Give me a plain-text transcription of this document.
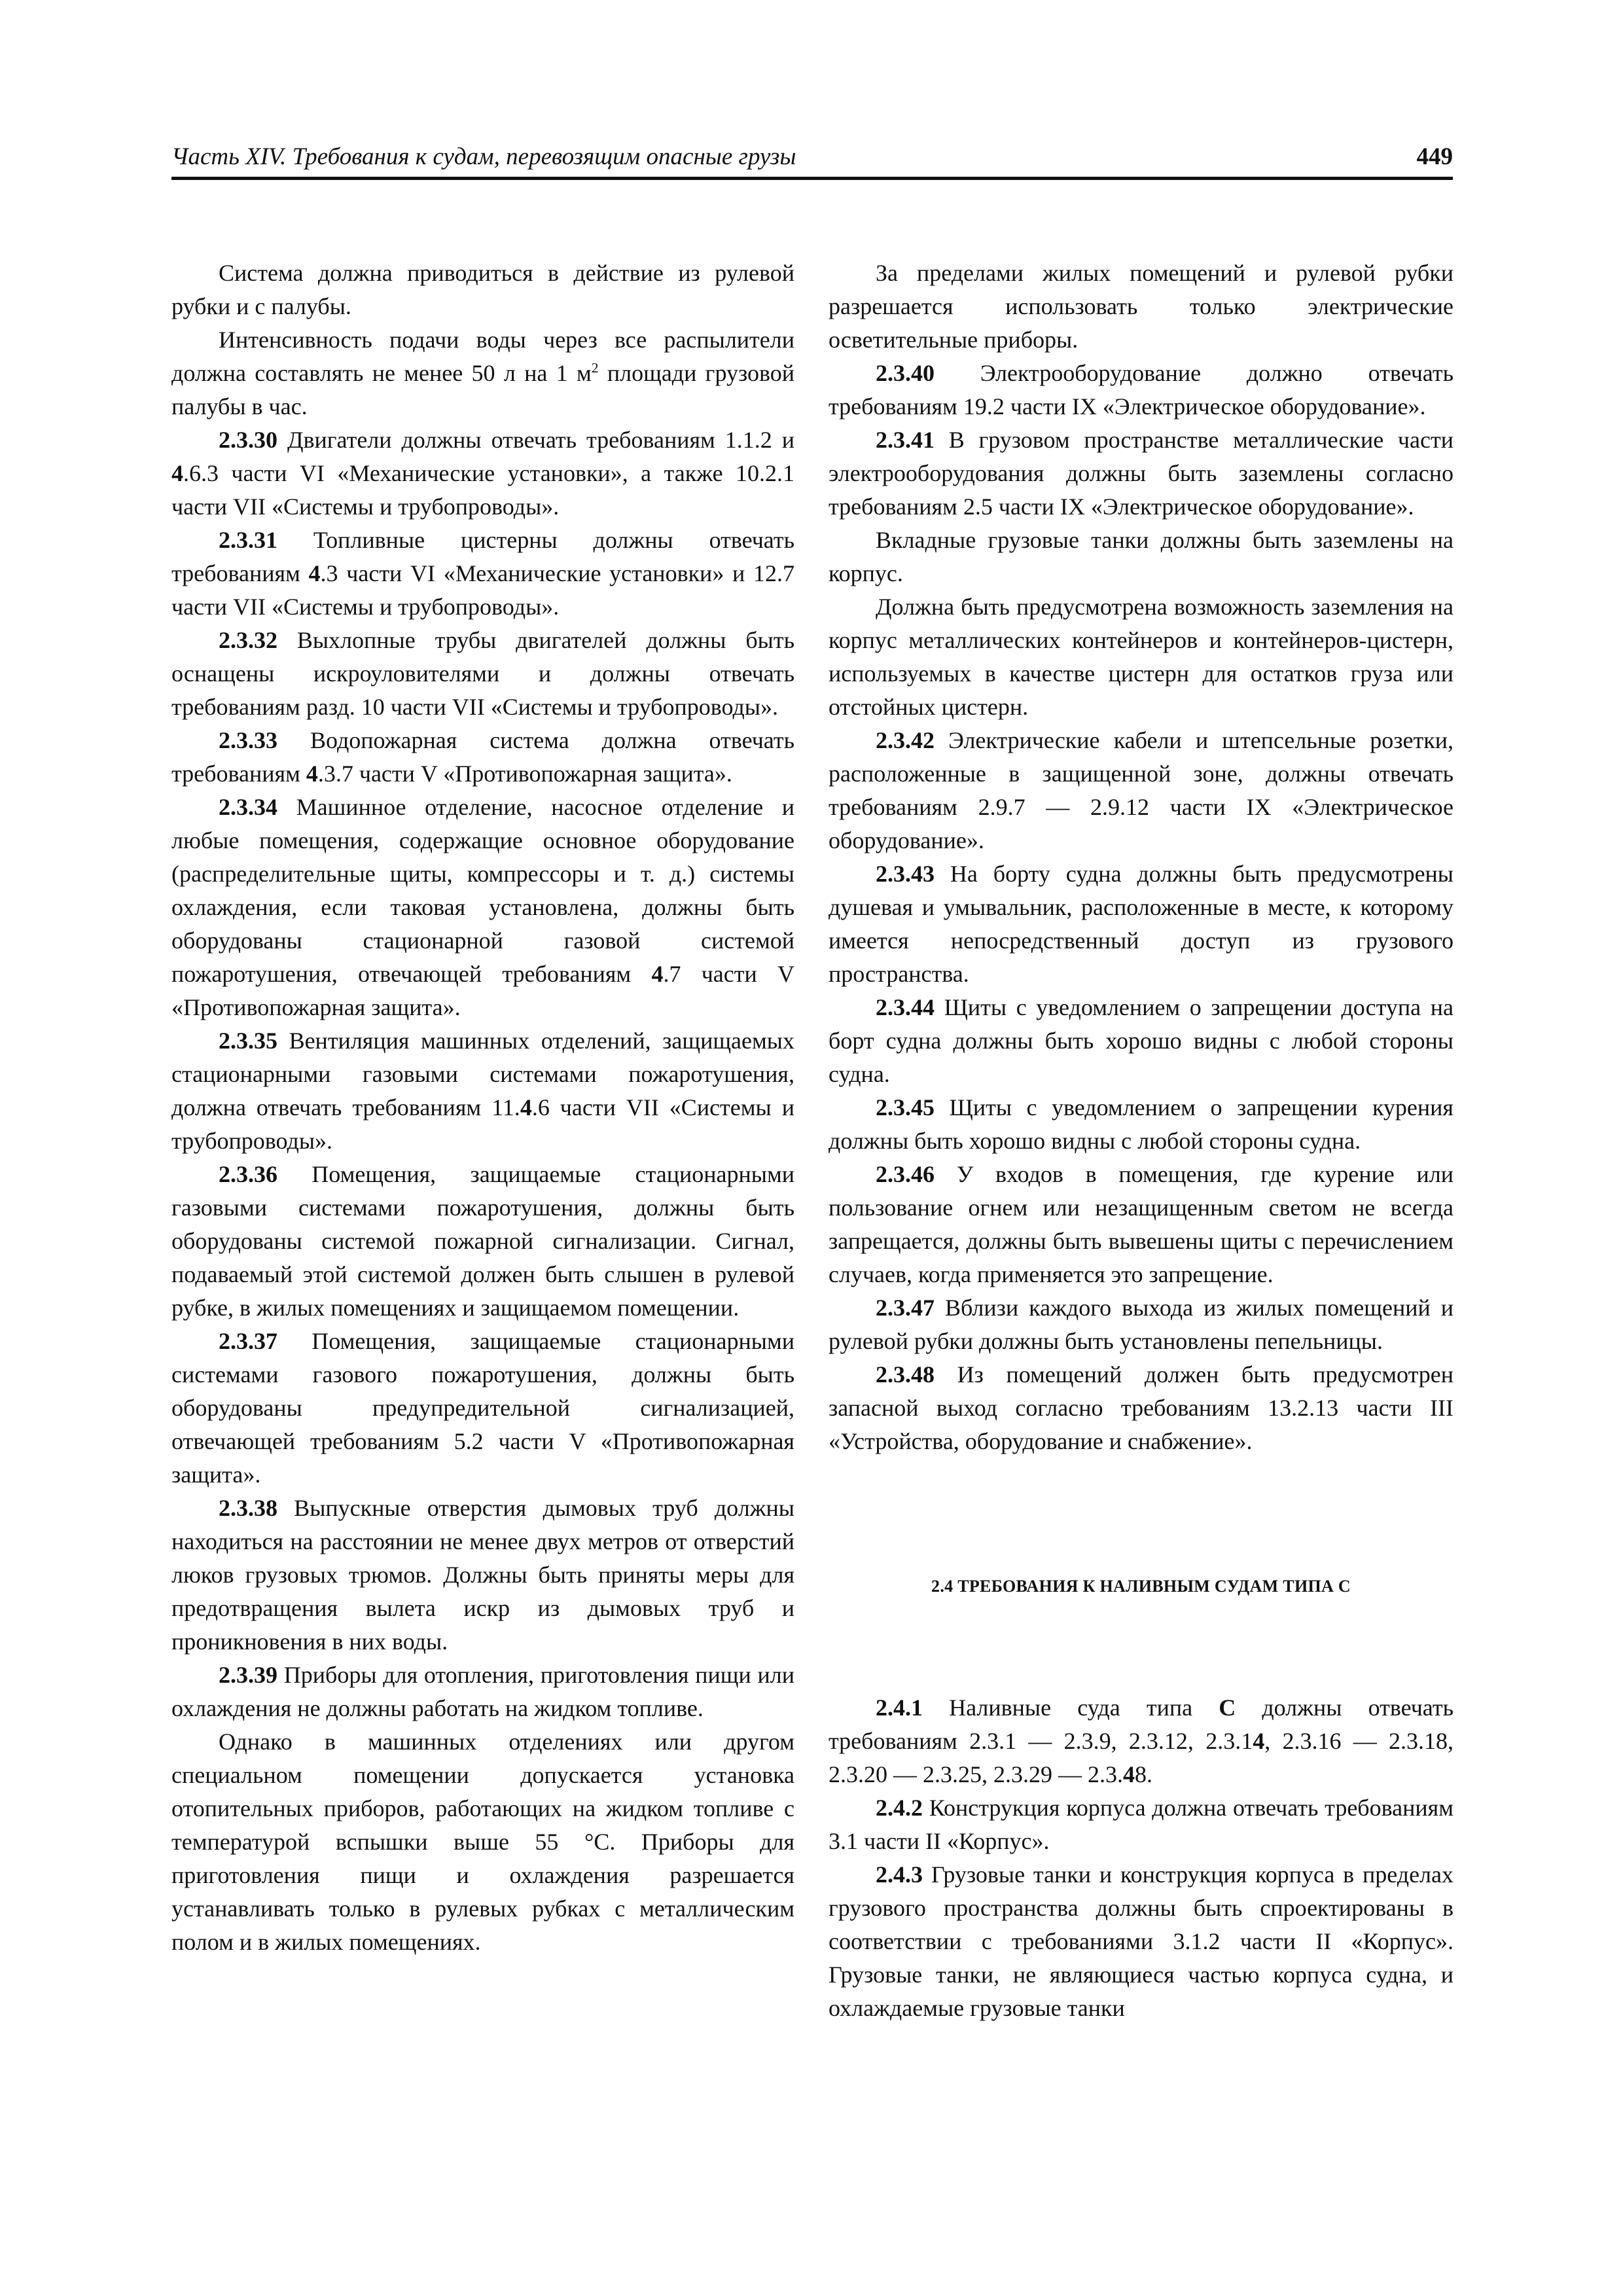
Часть XIV. Требования к судам, перевозящим опасные грузы	449

Система должна приводиться в действие из рулевой рубки и с палубы.

Интенсивность подачи воды через все распылители должна составлять не менее 50 л на 1 $м^2$ площади грузовой палубы в час.

2.3.30 Двигатели должны отвечать требованиям 1.1.2 и 4.6.3 части VI «Механические установки», а также 10.2.1 части VII «Системы и трубопроводы».

2.3.31 Топливные цистерны должны отвечать требованиям 4.3 части VI «Механические установки» и 12.7 части VII «Системы и трубопроводы».

2.3.32 Выхлопные трубы двигателей должны быть оснащены искроуловителями и должны отвечать требованиям разд. 10 части VII «Системы и трубопроводы».

2.3.33 Водопожарная система должна отвечать требованиям 4.3.7 части V «Противопожарная защита».

2.3.34 Машинное отделение, насосное отделение и любые помещения, содержащие основное оборудование (распределительные щиты, компрессоры и т. д.) системы охлаждения, если таковая установлена, должны быть оборудованы стационарной газовой системой пожаротушения, отвечающей требованиям 4.7 части V «Противопожарная защита».

2.3.35 Вентиляция машинных отделений, защищаемых стационарными газовыми системами пожаротушения, должна отвечать требованиям 11.4.6 части VII «Системы и трубопроводы».

2.3.36 Помещения, защищаемые стационарными газовыми системами пожаротушения, должны быть оборудованы системой пожарной сигнализации. Сигнал, подаваемый этой системой должен быть слышен в рулевой рубке, в жилых помещениях и защищаемом помещении.

2.3.37 Помещения, защищаемые стационарными системами газового пожаротушения, должны быть оборудованы предупредительной сигнализацией, отвечающей требованиям 5.2 части V «Противопожарная защита».

2.3.38 Выпускные отверстия дымовых труб должны находиться на расстоянии не менее двух метров от отверстий люков грузовых трюмов. Должны быть приняты меры для предотвращения вылета искр из дымовых труб и проникновения в них воды.

2.3.39 Приборы для отопления, приготовления пищи или охлаждения не должны работать на жидком топливе.

Однако в машинных отделениях или другом специальном помещении допускается установка отопительных приборов, работающих на жидком топливе с температурой вспышки выше 55 °С. Приборы для приготовления пищи и охлаждения разрешается устанавливать только в рулевых рубках с металлическим полом и в жилых помещениях.

За пределами жилых помещений и рулевой рубки разрешается использовать только электрические осветительные приборы.

2.3.40 Электрооборудование должно отвечать требованиям 19.2 части IX «Электрическое оборудование».

2.3.41 В грузовом пространстве металлические части электрооборудования должны быть заземлены согласно требованиям 2.5 части IX «Электрическое оборудование».

Вкладные грузовые танки должны быть заземлены на корпус.

Должна быть предусмотрена возможность заземления на корпус металлических контейнеров и контейнеров-цистерн, используемых в качестве цистерн для остатков груза или отстойных цистерн.

2.3.42 Электрические кабели и штепсельные розетки, расположенные в защищенной зоне, должны отвечать требованиям 2.9.7 — 2.9.12 части IX «Электрическое оборудование».

2.3.43 На борту судна должны быть предусмотрены душевая и умывальник, расположенные в месте, к которому имеется непосредственный доступ из грузового пространства.

2.3.44 Щиты с уведомлением о запрещении доступа на борт судна должны быть хорошо видны с любой стороны судна.

2.3.45 Щиты с уведомлением о запрещении курения должны быть хорошо видны с любой стороны судна.

2.3.46 У входов в помещения, где курение или пользование огнем или незащищенным светом не всегда запрещается, должны быть вывешены щиты с перечислением случаев, когда применяется это запрещение.

2.3.47 Вблизи каждого выхода из жилых помещений и рулевой рубки должны быть установлены пепельницы.

2.3.48 Из помещений должен быть предусмотрен запасной выход согласно требованиям 13.2.13 части III «Устройства, оборудование и снабжение».

2.4 ТРЕБОВАНИЯ К НАЛИВНЫМ СУДАМ ТИПА С

2.4.1 Наливные суда типа С должны отвечать требованиям 2.3.1 — 2.3.9, 2.3.12, 2.3.14, 2.3.16 — 2.3.18, 2.3.20 — 2.3.25, 2.3.29 — 2.3.48.

2.4.2 Конструкция корпуса должна отвечать требованиям 3.1 части II «Корпус».

2.4.3 Грузовые танки и конструкция корпуса в пределах грузового пространства должны быть спроектированы в соответствии с требованиями 3.1.2 части II «Корпус». Грузовые танки, не являющиеся частью корпуса судна, и охлаждаемые грузовые танки
